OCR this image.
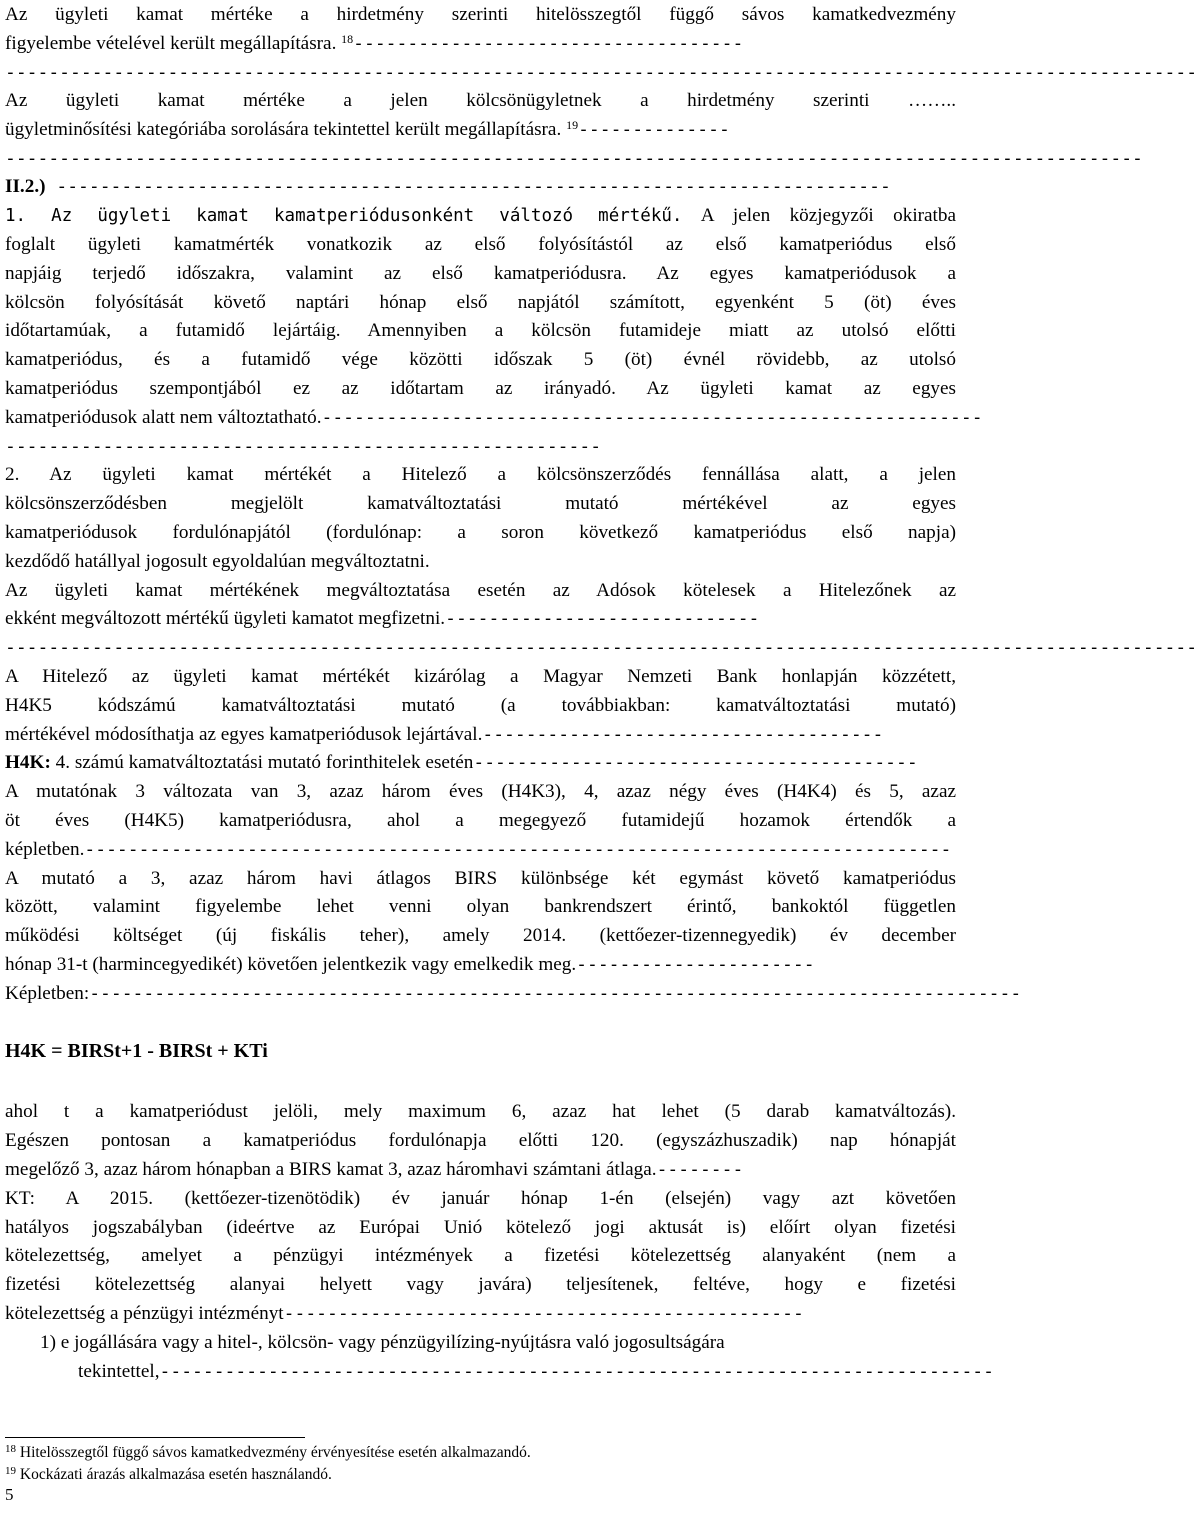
Az ügyleti kamat mértéke a hirdetmény szerinti hitelösszegtől függő sávos kamatkedvezmény
figyelembe vételével került megállapításra. $^{18}$------------------------------------
--------------------------------------------------------------------------------------------------------------
Az ügyleti kamat mértéke a jelen kölcsönügyletnek a hirdetmény szerinti ……..
ügyletminősítési kategóriába sorolására tekintettel került megállapításra. $^{19}$--------------
---------------------------------------------------------------------------------------------------------
II.2.) -----------------------------------------------------------------------------
1. Az ügyleti kamat kamatperiódusonként változó mértékű. A jelen közjegyzői okiratba
foglalt ügyleti kamatmérték vonatkozik az első folyósítástól az első kamatperiódus első
napjáig terjedő időszakra, valamint az első kamatperiódusra. Az egyes kamatperiódusok a
kölcsön folyósítását követő naptári hónap első napjától számított, egyenként 5 (öt) éves
időtartamúak, a futamidő lejártáig. Amennyiben a kölcsön futamideje miatt az utolsó előtti
kamatperiódus, és a futamidő vége közötti időszak 5 (öt) évnél rövidebb, az utolsó
kamatperiódus szempontjából ez az időtartam az irányadó. Az ügyleti kamat az egyes
kamatperiódusok alatt nem változtatható.-------------------------------------------------------------
-------------------------------------------------------
2. Az ügyleti kamat mértékét a Hitelező a kölcsönszerződés fennállása alatt, a jelen
kölcsönszerződésben megjelölt kamatváltoztatási mutató mértékével az egyes
kamatperiódusok fordulónapjától (fordulónap: a soron következő kamatperiódus első napja)
kezdődő hatállyal jogosult egyoldalúan megváltoztatni.
Az ügyleti kamat mértékének megváltoztatása esetén az Adósok kötelesek a Hitelezőnek az
ekként megváltozott mértékű ügyleti kamatot megfizetni.-----------------------------
--------------------------------------------------------------------------------------------------------------
A Hitelező az ügyleti kamat mértékét kizárólag a Magyar Nemzeti Bank honlapján közzétett,
H4K5 kódszámú kamatváltoztatási mutató (a továbbiakban: kamatváltoztatási mutató)
mértékével módosíthatja az egyes kamatperiódusok lejártával.-------------------------------------
H4K: 4. számú kamatváltoztatási mutató forinthitelek esetén-----------------------------------------
A mutatónak 3 változata van 3, azaz három éves (H4K3), 4, azaz négy éves (H4K4) és 5, azaz
öt éves (H4K5) kamatperiódusra, ahol a megegyező futamidejű hozamok értendők a
képletben.--------------------------------------------------------------------------------
A mutató a 3, azaz három havi átlagos BIRS különbsége két egymást követő kamatperiódus
között, valamint figyelembe lehet venni olyan bankrendszert érintő, bankoktól független
működési költséget (új fiskális teher), amely 2014. (kettőezer-tizennegyedik) év december
hónap 31-t (harmincegyedikét) követően jelentkezik vagy emelkedik meg.----------------------
Képletben:--------------------------------------------------------------------------------------
H4K = BIRSt+1 - BIRSt + KTi
ahol t a kamatperiódust jelöli, mely maximum 6, azaz hat lehet (5 darab kamatváltozás).
Egészen pontosan a kamatperiódus fordulónapja előtti 120. (egyszázhuszadik) nap hónapját
megelőző 3, azaz három hónapban a BIRS kamat 3, azaz háromhavi számtani átlaga.--------
KT: A 2015. (kettőezer-tizenötödik) év január hónap 1-én (elsején) vagy azt követően
hatályos jogszabályban (ideértve az Európai Unió kötelező jogi aktusát is) előírt olyan fizetési
kötelezettség, amelyet a pénzügyi intézmények a fizetési kötelezettség alanyaként (nem a
fizetési kötelezettség alanyai helyett vagy javára) teljesítenek, feltéve, hogy e fizetési
kötelezettség a pénzügyi intézményt------------------------------------------------
1) e jogállására vagy a hitel-, kölcsön- vagy pénzügyilízing-nyújtásra való jogosultságára
tekintettel,-----------------------------------------------------------------------------
$^{18}$ Hitelösszegtől függő sávos kamatkedvezmény érvényesítése esetén alkalmazandó.
$^{19}$ Kockázati árazás alkalmazása esetén használandó.
5
